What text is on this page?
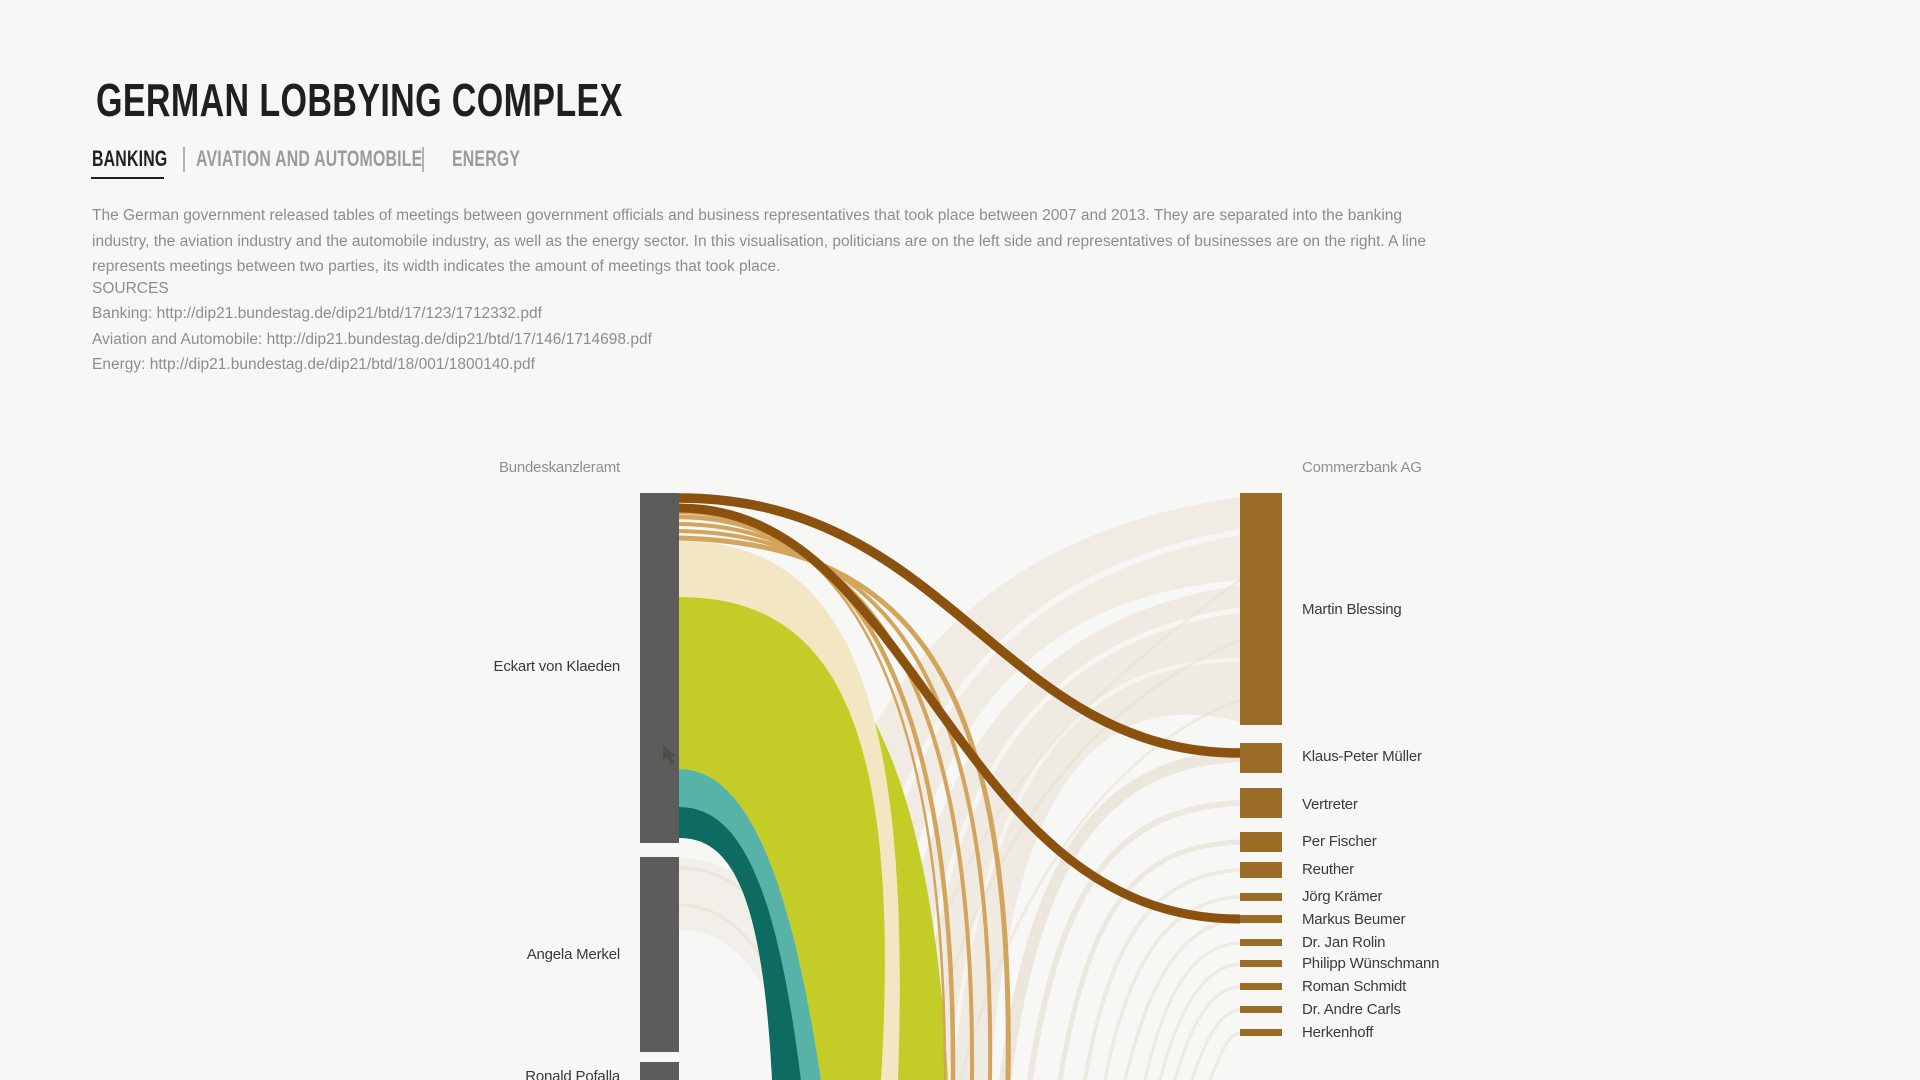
GERMAN LOBBYING COMPLEX
BANKING AVIATION AND AUTOMOBILE ENERGY

The German government released tables of meetings between government officials and business representatives that took place between 2007 and 2013. They are separated into the banking industry, the aviation industry and the automobile industry, as well as the energy sector. In this visualisation, politicians are on the left side and representatives of businesses are on the right. A line represents meetings between two parties, its width indicates the amount of meetings that took place.

SOURCES
Banking: http://dip21.bundestag.de/dip21/btd/17/123/1712332.pdf
Aviation and Automobile: http://dip21.bundestag.de/dip21/btd/17/146/1714698.pdf
Energy: http://dip21.bundestag.de/dip21/btd/18/001/1800140.pdf
Bundeskanzleramt
Eckart von Klaeden
Angela Merkel
Ronald Pofalla
Commerzbank AG
Martin Blessing
Klaus-Peter Müller
Vertreter
Per Fischer
Reuther
Jörg Krämer
Markus Beumer
Dr. Jan Rolin
Philipp Wünschmann
Roman Schmidt
Dr. Andre Carls
Herkenhoff
